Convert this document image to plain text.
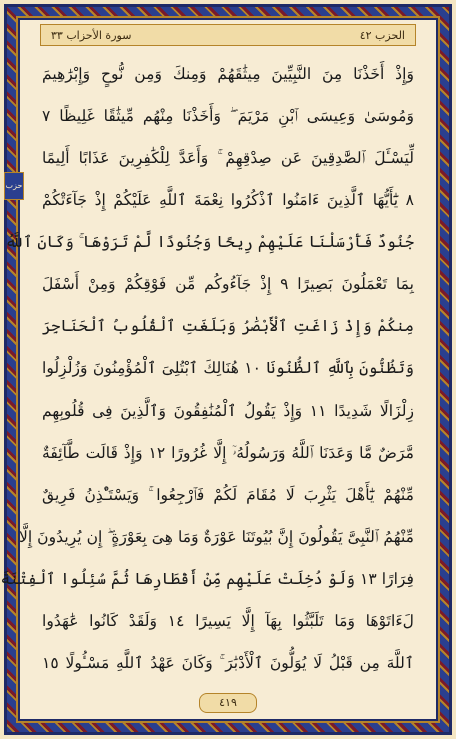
الحزب ٤٢
سورة الأحزاب ٣٣
وَإِذْ أَخَذْنَا مِنَ النَّبِيِّينَ مِيثَٰقَهُمْ وَمِنكَ وَمِن نُّوحٍ وَإِبْرَٰهِيمَ
وَمُوسَىٰ وَعِيسَى ٱبْنِ مَرْيَمَ ۖ وَأَخَذْنَا مِنْهُم مِّيثَٰقًا غَلِيظًا ٧
لِّيَسْـَٔلَ ٱلصَّٰدِقِينَ عَن صِدْقِهِمْ ۚ وَأَعَدَّ لِلْكَٰفِرِينَ عَذَابًا أَلِيمًا
٨ يَٰٓأَيُّهَا ٱلَّذِينَ ءَامَنُوا ٱذْكُرُوا نِعْمَةَ ٱللَّهِ عَلَيْكُمْ إِذْ جَآءَتْكُمْ
جُنُودٌ فَأَرْسَلْنَا عَلَيْهِمْ رِيحًا وَجُنُودًا لَّمْ تَرَوْهَا ۚ وَكَانَ ٱللَّهُ
بِمَا تَعْمَلُونَ بَصِيرًا ٩ إِذْ جَآءُوكُم مِّن فَوْقِكُمْ وَمِنْ أَسْفَلَ
مِنكُمْ وَإِذْ زَاغَتِ ٱلْأَبْصَٰرُ وَبَلَغَتِ ٱلْقُلُوبُ ٱلْحَنَاجِرَ
وَتَظُنُّونَ بِٱللَّهِ ٱلظُّنُونَا ١٠ هُنَالِكَ ٱبْتُلِىَ ٱلْمُؤْمِنُونَ وَزُلْزِلُوا
زِلْزَالًا شَدِيدًا ١١ وَإِذْ يَقُولُ ٱلْمُنَٰفِقُونَ وَٱلَّذِينَ فِى قُلُوبِهِم
مَّرَضٌ مَّا وَعَدَنَا ٱللَّهُ وَرَسُولُهُۥٓ إِلَّا غُرُورًا ١٢ وَإِذْ قَالَت طَّآئِفَةٌ
مِّنْهُمْ يَٰٓأَهْلَ يَثْرِبَ لَا مُقَامَ لَكُمْ فَٱرْجِعُوا ۚ وَيَسْتَـْٔذِنُ فَرِيقٌ
مِّنْهُمُ ٱلنَّبِىَّ يَقُولُونَ إِنَّ بُيُوتَنَا عَوْرَةٌ وَمَا هِىَ بِعَوْرَةٍ ۖ إِن يُرِيدُونَ إِلَّا
فِرَارًا ١٣ وَلَوْ دُخِلَتْ عَلَيْهِم مِّنْ أَقْطَارِهَا ثُمَّ سُئِلُوا ٱلْفِتْنَةَ
لَءَاتَوْهَا وَمَا تَلَبَّثُوا بِهَآ إِلَّا يَسِيرًا ١٤ وَلَقَدْ كَانُوا عَٰهَدُوا
ٱللَّهَ مِن قَبْلُ لَا يُوَلُّونَ ٱلْأَدْبَٰرَ ۚ وَكَانَ عَهْدُ ٱللَّهِ مَسْـُٔولًا ١٥
٤١٩
حزب
